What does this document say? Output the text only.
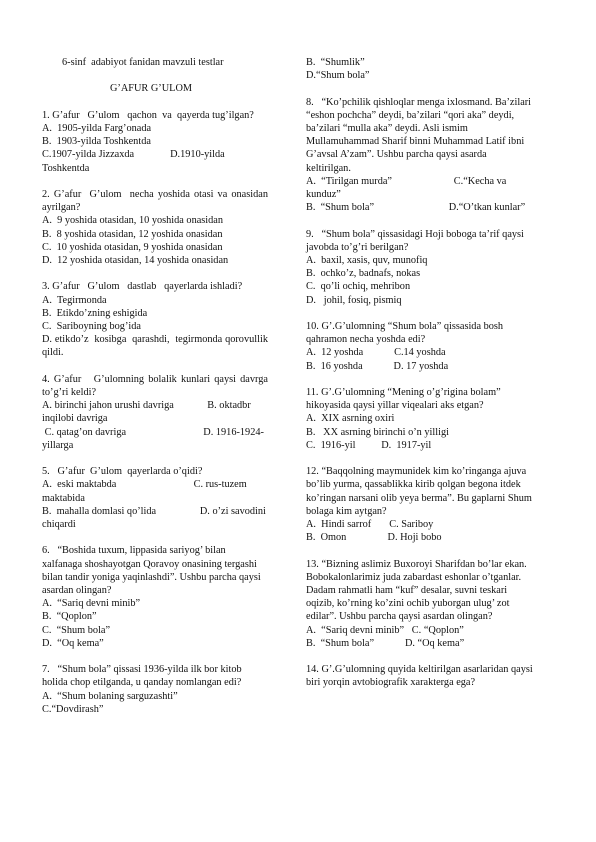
6-sinf  adabiyot fanidan mavzuli testlar

G’AFUR G’ULOM

1. G’afur   G’ulom   qachon  va  qayerda tug’ilgan?

A.  1905-yilda Farg’onada

B.  1903-yilda Toshkentda

C.1907-yilda Jizzaxda              D.1910-yilda Toshkentda

2. G’afur  G’ulom  necha yoshida otasi va onasidan ayrilgan?

A.  9 yoshida otasidan, 10 yoshida onasidan

B.  8 yoshida otasidan, 12 yoshida onasidan

C.  10 yoshida otasidan, 9 yoshida onasidan

D.  12 yoshida otasidan, 14 yoshida onasidan

3. G’afur   G’ulom   dastlab   qayerlarda ishladi?

A.  Tegirmonda

B.  Etikdo’zning eshigida

C.  Sariboyning bog’ida

D. etikdo’z  kosibga  qarashdi,  tegirmonda qorovullik qildi.

4. G’afur   G’ulomning bolalik kunlari qaysi davrga to’g’ri keldi?

A. birinchi jahon urushi davriga             B. oktadbr inqilobi davriga

C. qatag’on davriga                              D. 1916-1924-yillarga

5.   G’afur  G’ulom  qayerlarda o’qidi?

A.  eski maktabda                              C. rus-tuzem maktabida

B.  mahalla domlasi qo’lida                 D. o’zi savodini chiqardi

6.   “Boshida tuxum, lippasida sariyog’ bilan xalfanaga shoshayotgan Qoravoy onasining tergashi bilan tandir yoniga yaqinlashdi”. Ushbu parcha qaysi asardan olingan?

A.  “Sariq devni minib”

B.  “Qoplon”

C.  “Shum bola”

D.  “Oq kema”

7.   “Shum bola” qissasi 1936-yilda ilk bor kitob holida chop etilganda, u qanday nomlangan edi?

A.  “Shum bolaning sarguzashti”

C.“Dovdirash”

B.  “Shumlik”

D.“Shum bola”

8.   “Ko’pchilik qishloqlar menga ixlosmand. Ba’zilari “eshon pochcha” deydi, ba’zilari “qori aka” deydi, ba’zilari “mulla aka” deydi. Asli ismim Mullamuhammad Sharif binni Muhammad Latif ibni G’avsal A’zam”. Ushbu parcha qaysi asarda keltirilgan.

A.  “Tirilgan murda”                        C.“Kecha va kunduz”

B.  “Shum bola”                             D.“O’tkan kunlar”

9.   “Shum bola” qissasidagi Hoji boboga ta’rif qaysi javobda to’g’ri berilgan?

A.  baxil, xasis, quv, munofiq

B.  ochko’z, badnafs, nokas

C.  qo’li ochiq, mehribon

D.   johil, fosiq, pismiq

10. G’.G’ulomning “Shum bola” qissasida bosh qahramon necha yoshda edi?

A.  12 yoshda            C.14 yoshda

B.  16 yoshda            D. 17 yoshda

11. G’.G’ulomning “Mening o’g’rigina bolam” hikoyasida qaysi yillar viqealari aks etgan?

A.  XIX asrning oxiri

B.   XX asrning birinchi o’n yilligi

C.  1916-yil          D.  1917-yil

12. “Baqqolning maymunidek kim ko’ringanga ajuva bo’lib yurma, qassablikka kirib qolgan begona itdek ko’ringan narsani olib yeya berma”. Bu gaplarni Shum bolaga kim aytgan?

A.  Hindi sarrof       C. Sariboy

B.  Omon                D. Hoji bobo

13. “Bizning aslimiz Buxoroyi Sharifdan bo’lar ekan. Bobokalonlarimiz juda zabardast eshonlar o’tganlar. Dadam rahmatli ham “kuf” desalar, suvni teskari oqizib, ko’rning ko’zini ochib yuborgan ulug’ zot edilar”. Ushbu parcha qaysi asardan olingan?

A.  “Sariq devni minib”   C. “Qoplon”

B.  “Shum bola”            D. “Oq kema”

14. G’.G’ulomning quyida keltirilgan asarlaridan qaysi biri yorqin avtobiografik xarakterga ega?
